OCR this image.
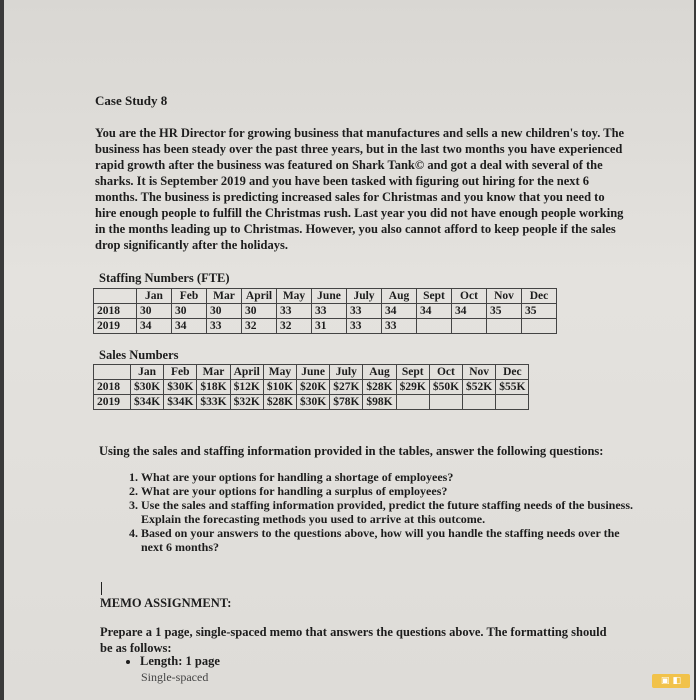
Case Study 8
You are the HR Director for growing business that manufactures and sells a new children's toy. The business has been steady over the past three years, but in the last two months you have experienced rapid growth after the business was featured on Shark Tank© and got a deal with several of the sharks. It is September 2019 and you have been tasked with figuring out hiring for the next 6 months. The business is predicting increased sales for Christmas and you know that you need to hire enough people to fulfill the Christmas rush. Last year you did not have enough people working in the months leading up to Christmas. However, you also cannot afford to keep people if the sales drop significantly after the holidays.
Staffing Numbers (FTE)
	Jan	Feb	Mar	April	May	June	July	Aug	Sept	Oct	Nov	Dec
2018	30	30	30	30	33	33	33	34	34	34	35	35
2019	34	34	33	32	32	31	33	33				
Sales Numbers
	Jan	Feb	Mar	April	May	June	July	Aug	Sept	Oct	Nov	Dec
2018	$30K	$30K	$18K	$12K	$10K	$20K	$27K	$28K	$29K	$50K	$52K	$55K
2019	$34K	$34K	$33K	$32K	$28K	$30K	$78K	$98K				
Using the sales and staffing information provided in the tables, answer the following questions:
1. What are your options for handling a shortage of employees?
2. What are your options for handling a surplus of employees?
3. Use the sales and staffing information provided, predict the future staffing needs of the business. Explain the forecasting methods you used to arrive at this outcome.
4. Based on your answers to the questions above, how will you handle the staffing needs over the next 6 months?
MEMO ASSIGNMENT:
Prepare a 1 page, single-spaced memo that answers the questions above. The formatting should be as follows:
• Length: 1 page
Single-spaced	▣ ◧
